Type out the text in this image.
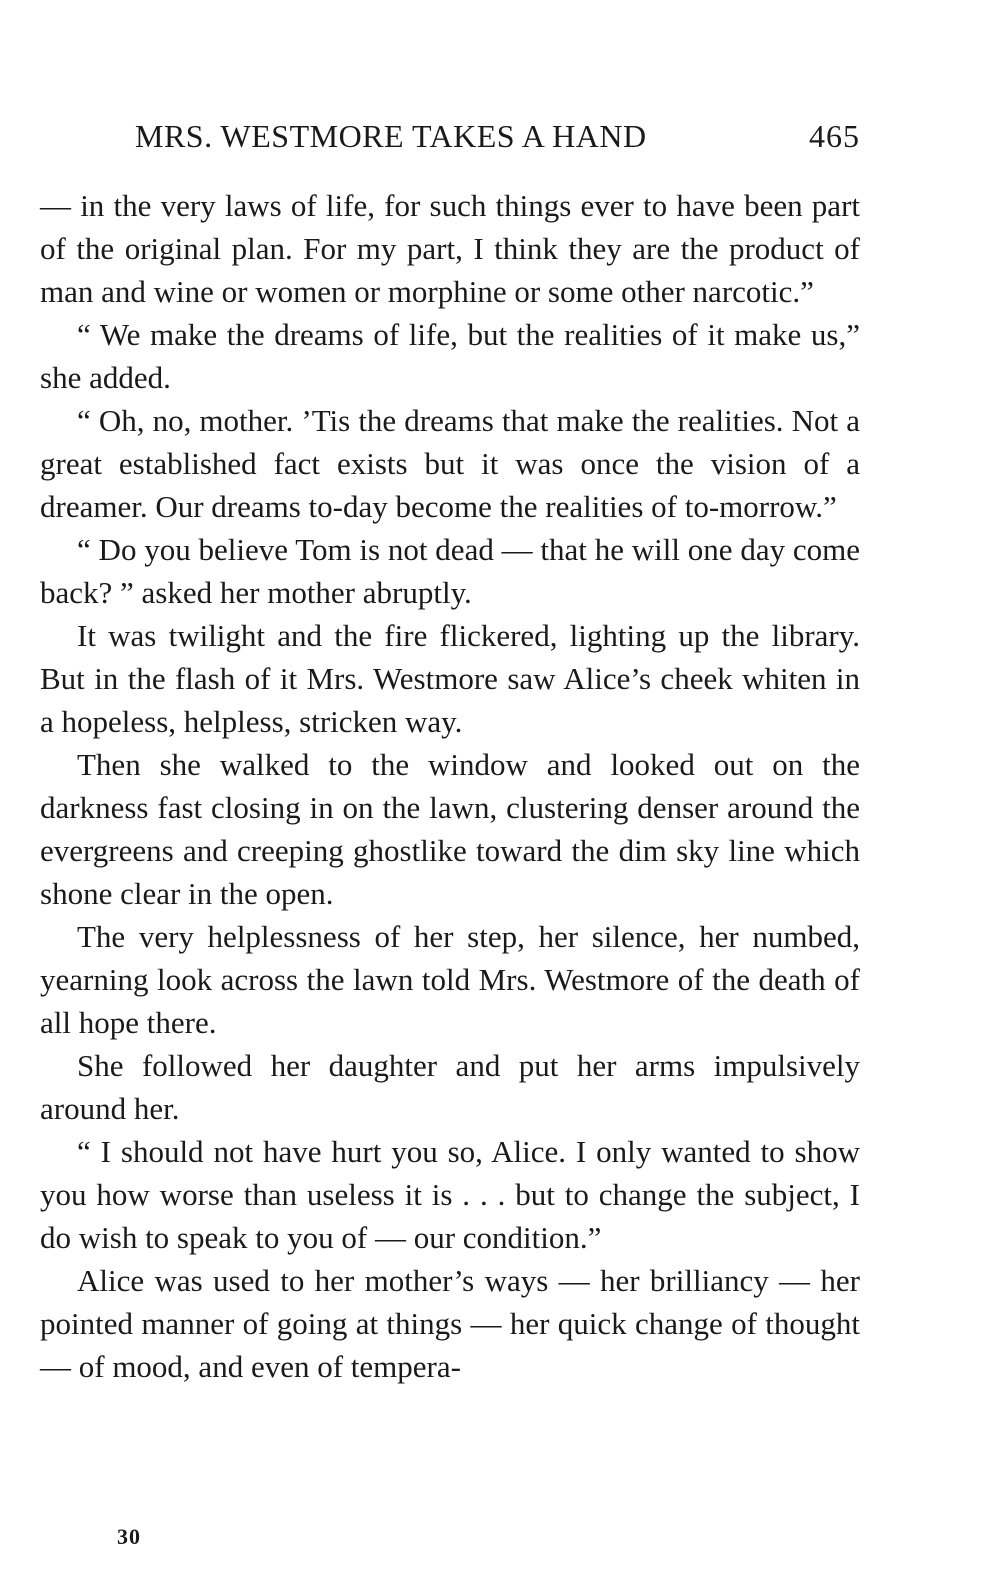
MRS. WESTMORE TAKES A HAND	465

— in the very laws of life, for such things ever to have been part of the original plan. For my part, I think they are the product of man and wine or women or morphine or some other narcotic.”

“ We make the dreams of life, but the realities of it make us,” she added.

“ Oh, no, mother. ’Tis the dreams that make the realities. Not a great established fact exists but it was once the vision of a dreamer. Our dreams to-day become the realities of to-morrow.”

“ Do you believe Tom is not dead — that he will one day come back? ” asked her mother abruptly.

It was twilight and the fire flickered, lighting up the library. But in the flash of it Mrs. Westmore saw Alice’s cheek whiten in a hopeless, helpless, stricken way.

Then she walked to the window and looked out on the darkness fast closing in on the lawn, clustering denser around the evergreens and creeping ghostlike toward the dim sky line which shone clear in the open.

The very helplessness of her step, her silence, her numbed, yearning look across the lawn told Mrs. Westmore of the death of all hope there.

She followed her daughter and put her arms impulsively around her.

“ I should not have hurt you so, Alice. I only wanted to show you how worse than useless it is . . . but to change the subject, I do wish to speak to you of — our condition.”

Alice was used to her mother’s ways — her brilliancy — her pointed manner of going at things — her quick change of thought — of mood, and even of tempera-

30
